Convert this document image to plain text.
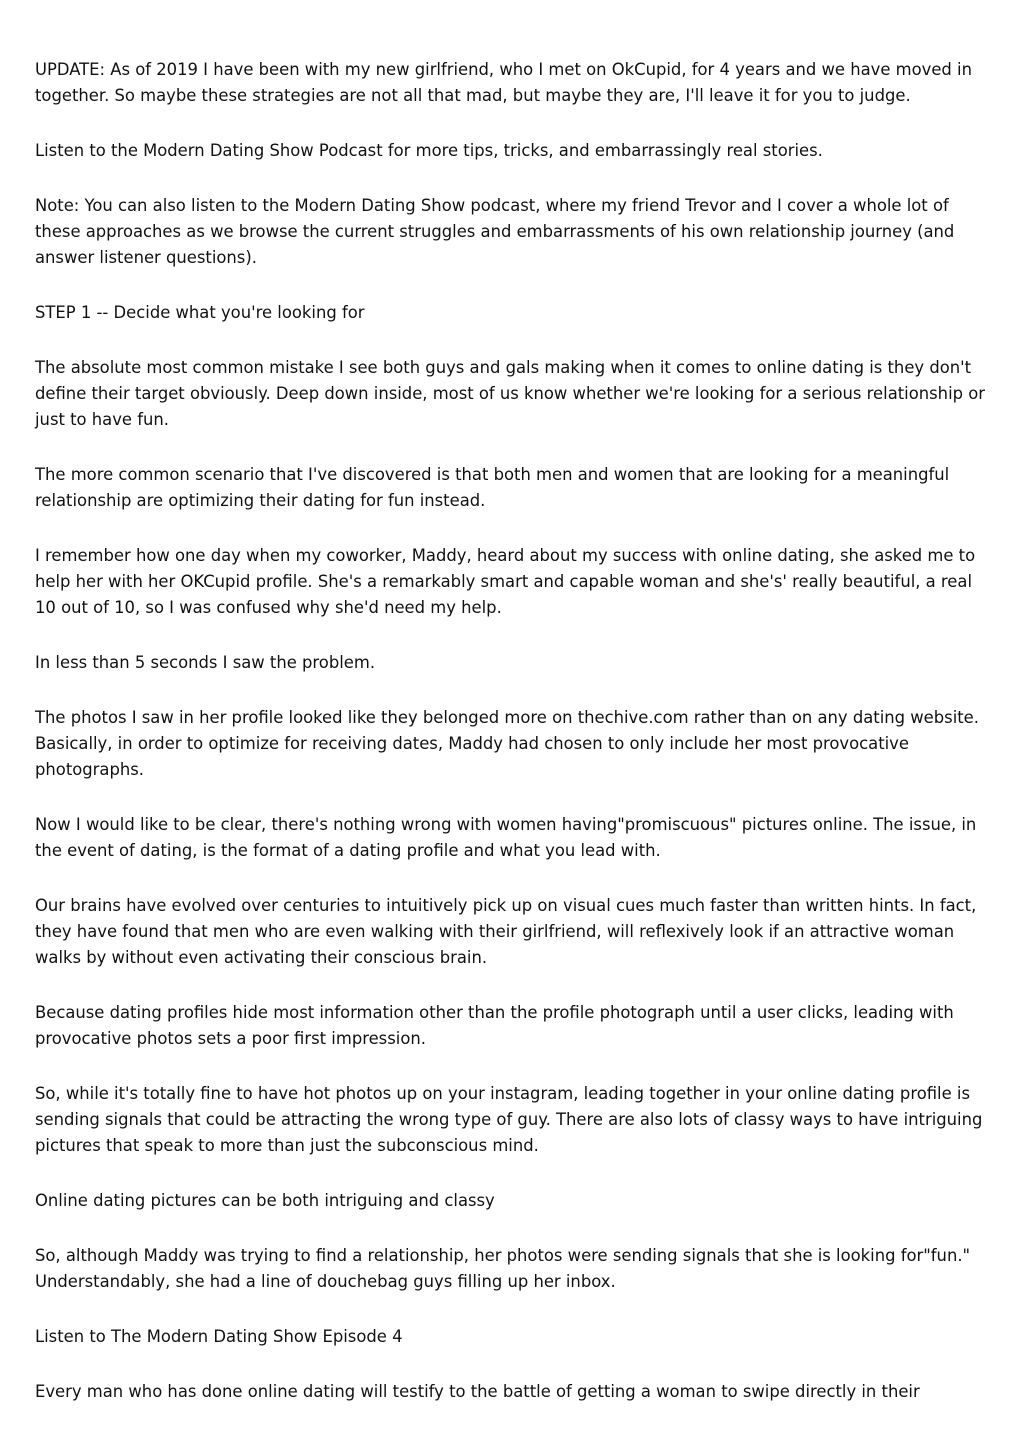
UPDATE: As of 2019 I have been with my new girlfriend, who I met on OkCupid, for 4 years and we have moved in together. So maybe these strategies are not all that mad, but maybe they are, I'll leave it for you to judge.

Listen to the Modern Dating Show Podcast for more tips, tricks, and embarrassingly real stories.

Note: You can also listen to the Modern Dating Show podcast, where my friend Trevor and I cover a whole lot of these approaches as we browse the current struggles and embarrassments of his own relationship journey (and answer listener questions).

STEP 1 -- Decide what you're looking for

The absolute most common mistake I see both guys and gals making when it comes to online dating is they don't define their target obviously. Deep down inside, most of us know whether we're looking for a serious relationship or just to have fun.

The more common scenario that I've discovered is that both men and women that are looking for a meaningful relationship are optimizing their dating for fun instead.

I remember how one day when my coworker, Maddy, heard about my success with online dating, she asked me to help her with her OKCupid profile. She's a remarkably smart and capable woman and she's' really beautiful, a real 10 out of 10, so I was confused why she'd need my help.

In less than 5 seconds I saw the problem.

The photos I saw in her profile looked like they belonged more on thechive.com rather than on any dating website. Basically, in order to optimize for receiving dates, Maddy had chosen to only include her most provocative photographs.

Now I would like to be clear, there's nothing wrong with women having"promiscuous" pictures online. The issue, in the event of dating, is the format of a dating profile and what you lead with.

Our brains have evolved over centuries to intuitively pick up on visual cues much faster than written hints. In fact, they have found that men who are even walking with their girlfriend, will reflexively look if an attractive woman walks by without even activating their conscious brain.

Because dating profiles hide most information other than the profile photograph until a user clicks, leading with provocative photos sets a poor first impression.

So, while it's totally fine to have hot photos up on your instagram, leading together in your online dating profile is sending signals that could be attracting the wrong type of guy. There are also lots of classy ways to have intriguing pictures that speak to more than just the subconscious mind.

Online dating pictures can be both intriguing and classy

So, although Maddy was trying to find a relationship, her photos were sending signals that she is looking for"fun." Understandably, she had a line of douchebag guys filling up her inbox.

Listen to The Modern Dating Show Episode 4

Every man who has done online dating will testify to the battle of getting a woman to swipe directly in their
